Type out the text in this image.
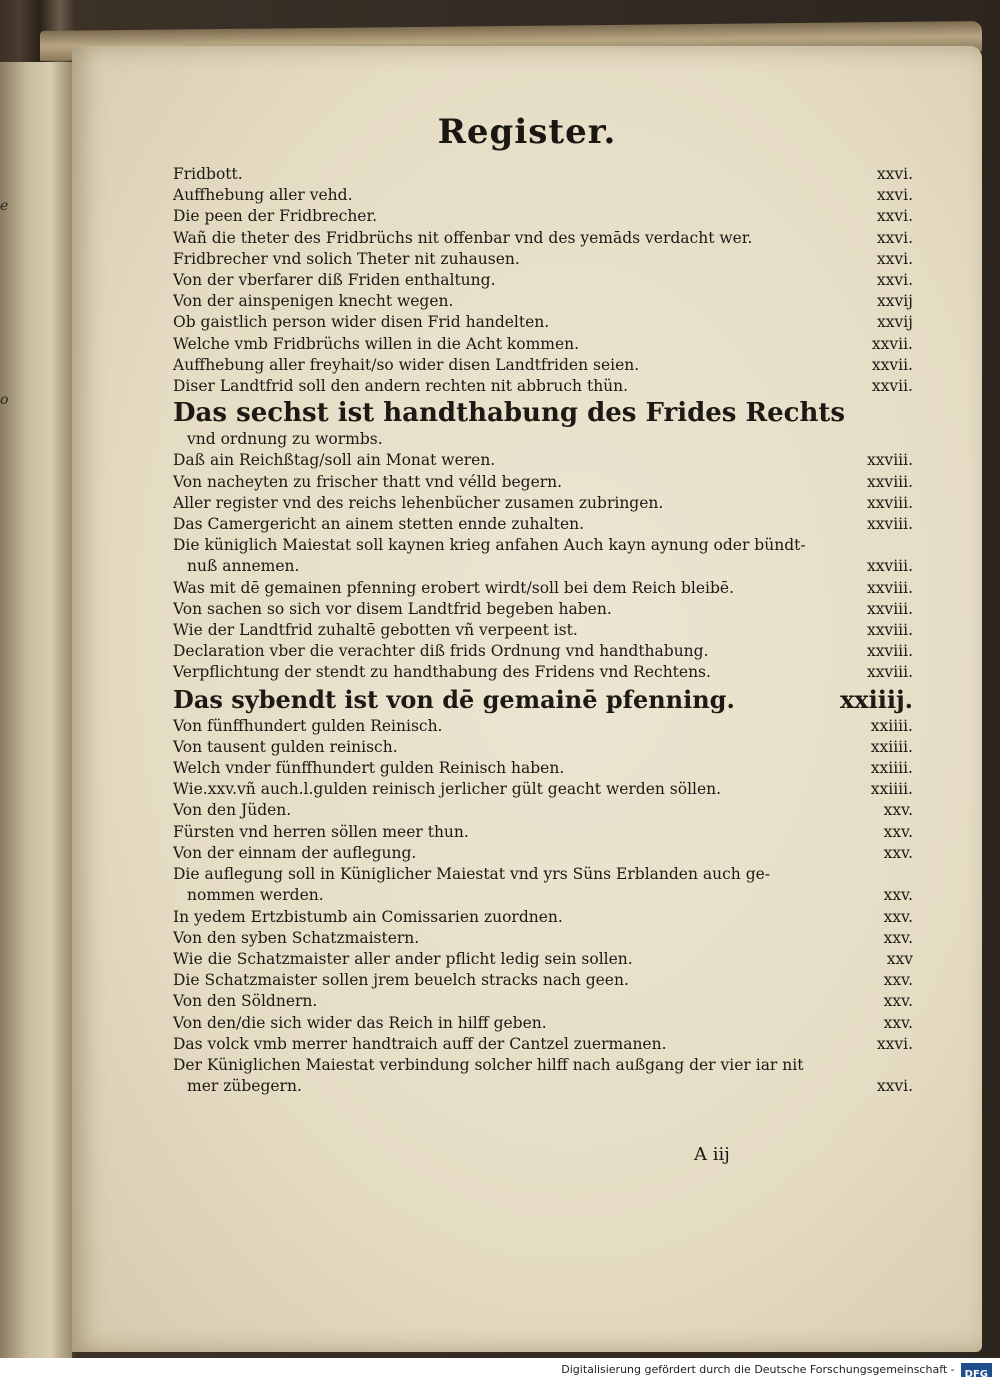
e
o
Register.
Fridbott.	xxvi.
Auffhebung aller vehd.	xxvi.
Die peen der Fridbrecher.	xxvi.
Wañ die theter des Fridbrüchs nit offenbar vnd des yemāds verdacht wer.	xxvi.
Fridbrecher vnd solich Theter nit zuhausen.	xxvi.
Von der vberfarer diß Friden enthaltung.	xxvi.
Von der ainspenigen knecht wegen.	xxvij
Ob gaistlich person wider disen Frid handelten.	xxvij
Welche vmb Fridbrüchs willen in die Acht kommen.	xxvii.
Auffhebung aller freyhait/so wider disen Landtfriden seien.	xxvii.
Diser Landtfrid soll den andern rechten nit abbruch thün.	xxvii.
Das sechst ist handthabung des Frides Rechts
vnd ordnung zu wormbs.
Daß ain Reichßtag/soll ain Monat weren.	xxviii.
Von nacheyten zu frischer thatt vnd vélld begern.	xxviii.
Aller register vnd des reichs lehenbücher zusamen zubringen.	xxviii.
Das Camergericht an ainem stetten ennde zuhalten.	xxviii.
Die küniglich Maiestat soll kaynen krieg anfahen Auch kayn aynung oder bündt-
nuß annemen.	xxviii.
Was mit dē gemainen pfenning erobert wirdt/soll bei dem Reich bleibē.	xxviii.
Von sachen so sich vor disem Landtfrid begeben haben.	xxviii.
Wie der Landtfrid zuhaltē gebotten vñ verpeent ist.	xxviii.
Declaration vber die verachter diß frids Ordnung vnd handthabung.	xxviii.
Verpflichtung der stendt zu handthabung des Fridens vnd Rechtens.	xxviii.
Das sybendt ist von dē gemainē pfenning.	xxiiij.
Von fünffhundert gulden Reinisch.	xxiiii.
Von tausent gulden reinisch.	xxiiii.
Welch vnder fünffhundert gulden Reinisch haben.	xxiiii.
Wie.xxv.vñ auch.l.gulden reinisch jerlicher gült geacht werden söllen.	xxiiii.
Von den Jüden.	xxv.
Fürsten vnd herren söllen meer thun.	xxv.
Von der einnam der auflegung.	xxv.
Die auflegung soll in Küniglicher Maiestat vnd yrs Süns Erblanden auch ge-
nommen werden.	xxv.
In yedem Ertzbistumb ain Comissarien zuordnen.	xxv.
Von den syben Schatzmaistern.	xxv.
Wie die Schatzmaister aller ander pflicht ledig sein sollen.	xxv
Die Schatzmaister sollen jrem beuelch stracks nach geen.	xxv.
Von den Söldnern.	xxv.
Von den/die sich wider das Reich in hilff geben.	xxv.
Das volck vmb merrer handtraich auff der Cantzel zuermanen.	xxvi.
Der Küniglichen Maiestat verbindung solcher hilff nach außgang der vier iar nit
mer zübegern.	xxvi.
A iij
Digitalisierung gefördert durch die Deutsche Forschungsgemeinschaft - DFG
